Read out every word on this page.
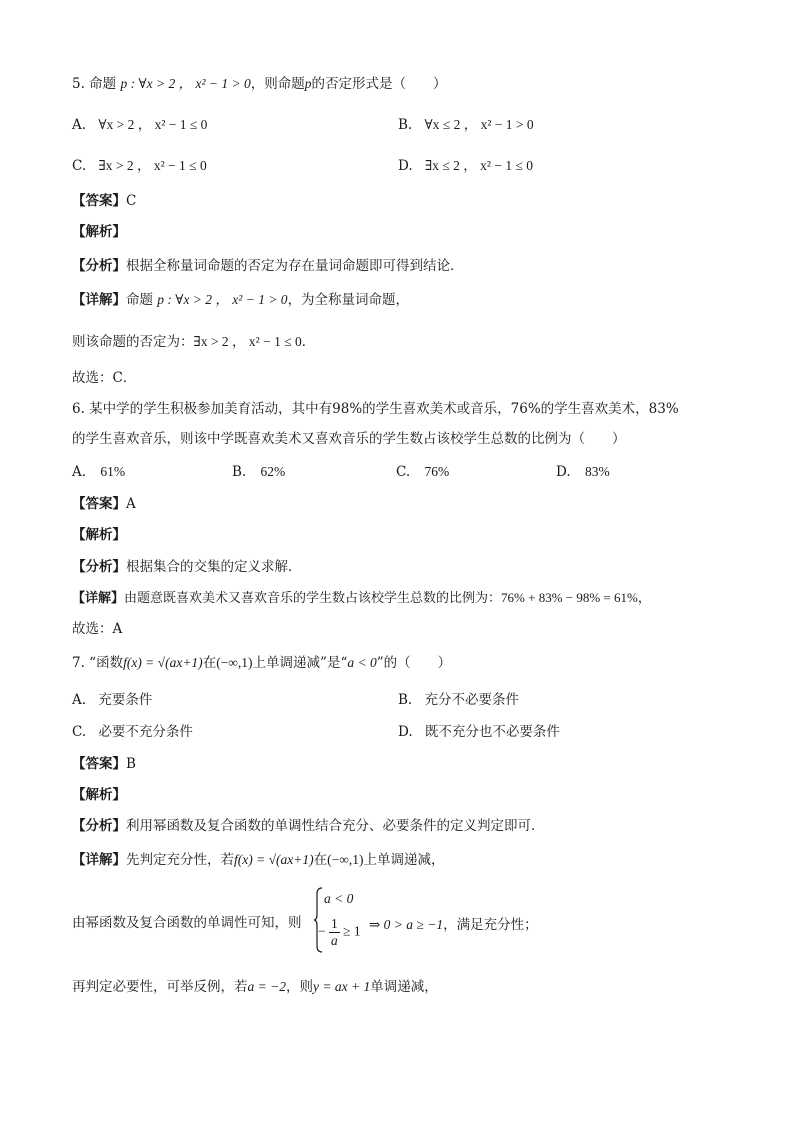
5. 命题 p : ∀x > 2 ， x² − 1 > 0，则命题p的否定形式是（　　）
A. ∀x > 2 ， x² − 1 ≤ 0	B. ∀x ≤ 2 ， x² − 1 > 0
C. ∃x > 2 ， x² − 1 ≤ 0	D. ∃x ≤ 2 ， x² − 1 ≤ 0
【答案】C
【解析】
【分析】根据全称量词命题的否定为存在量词命题即可得到结论．
【详解】命题 p : ∀x > 2 ， x² − 1 > 0，为全称量词命题，
则该命题的否定为：∃x > 2 ， x² − 1 ≤ 0．
故选：C．
6. 某中学的学生积极参加美育活动，其中有98%的学生喜欢美术或音乐，76%的学生喜欢美术，83%
的学生喜欢音乐，则该中学既喜欢美术又喜欢音乐的学生数占该校学生总数的比例为（　　）
A. 61%	B. 62%	C. 76%	D. 83%
【答案】A
【解析】
【分析】根据集合的交集的定义求解．
【详解】由题意既喜欢美术又喜欢音乐的学生数占该校学生总数的比例为：76% + 83% − 98% = 61%，
故选：A
7. “函数f(x) = √(ax+1)在(−∞,1)上单调递减”是“a < 0”的（　　）
A. 充要条件	B. 充分不必要条件
C. 必要不充分条件	D. 既不充分也不必要条件
【答案】B
【解析】
【分析】利用幂函数及复合函数的单调性结合充分、必要条件的定义判定即可．
【详解】先判定充分性，若f(x) = √(ax+1)在(−∞,1)上单调递减，
由幂函数及复合函数的单调性可知，则
a < 0
− $\frac{1}{a} \ge 1$ ⇒ 0 > a ≥ −1，满足充分性；
再判定必要性，可举反例，若a = −2，则y = ax + 1单调递减，
